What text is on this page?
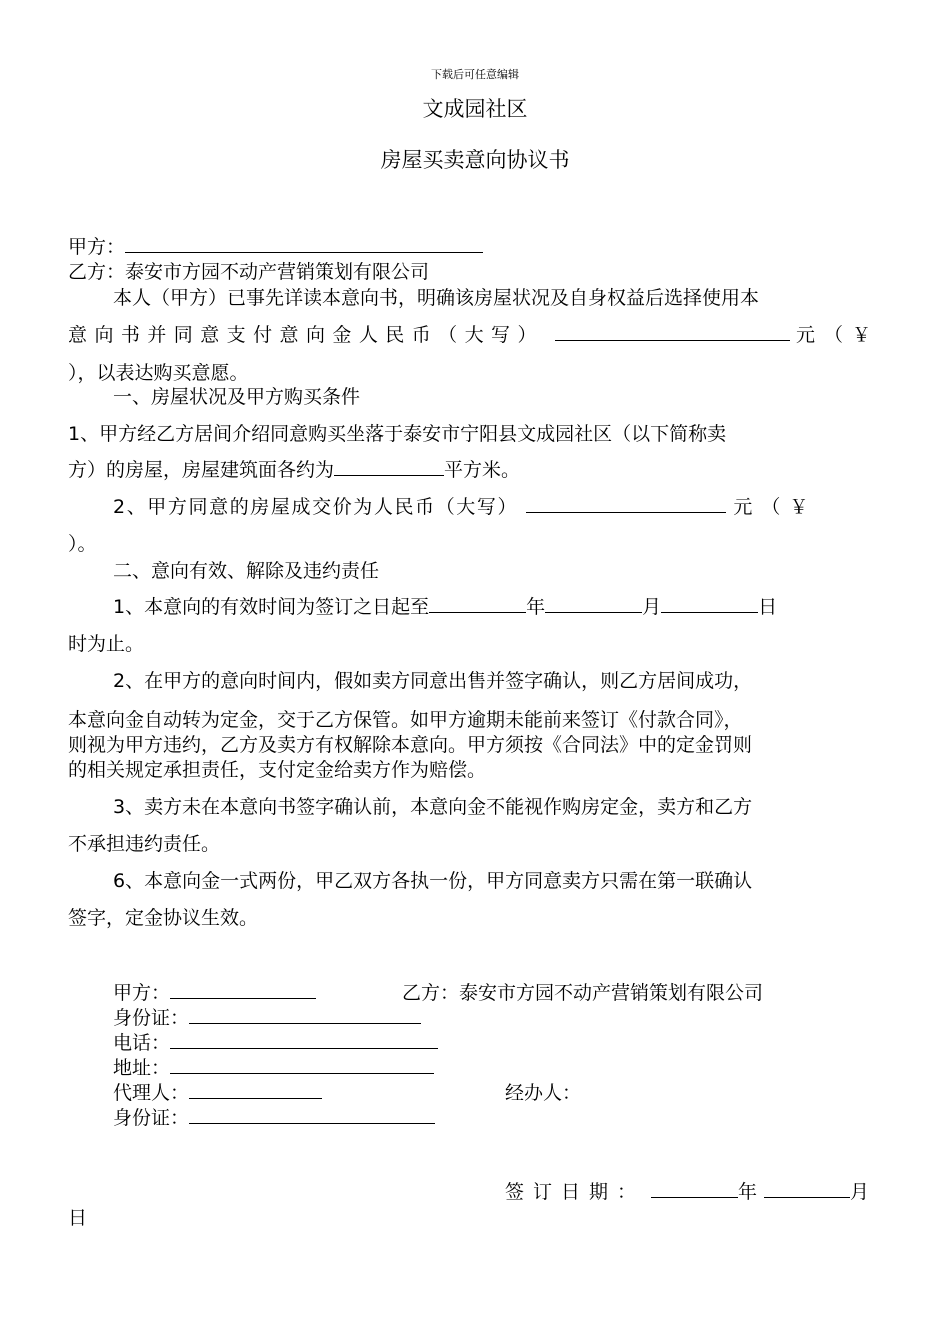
下载后可任意编辑
文成园社区
房屋买卖意向协议书
甲方：
乙方：泰安市方园不动产营销策划有限公司
本人（甲方）已事先详读本意向书，明确该房屋状况及自身权益后选择使用本
意 向 书 并 同 意 支 付 意 向 金 人 民 币 （ 大 写 ）	元（￥
），以表达购买意愿。
一、房屋状况及甲方购买条件
1、甲方经乙方居间介绍同意购买坐落于泰安市宁阳县文成园社区（以下简称卖
方）的房屋，房屋建筑面各约为	平方米。
2、甲方同意的房屋成交价为人民币（大写）	元（￥
）。
二、意向有效、解除及违约责任
1、本意向的有效时间为签订之日起至	年	月	日
时为止。
2、在甲方的意向时间内，假如卖方同意出售并签字确认，则乙方居间成功，
本意向金自动转为定金，交于乙方保管。如甲方逾期未能前来签订《付款合同》，
则视为甲方违约，乙方及卖方有权解除本意向。甲方须按《合同法》中的定金罚则
的相关规定承担责任，支付定金给卖方作为赔偿。
3、卖方未在本意向书签字确认前，本意向金不能视作购房定金，卖方和乙方
不承担违约责任。
6、本意向金一式两份，甲乙双方各执一份，甲方同意卖方只需在第一联确认
签字，定金协议生效。
甲方：	乙方：泰安市方园不动产营销策划有限公司
身份证：
电话：
地址：
代理人：	经办人：
身份证：
签订日期：	年	月
日
